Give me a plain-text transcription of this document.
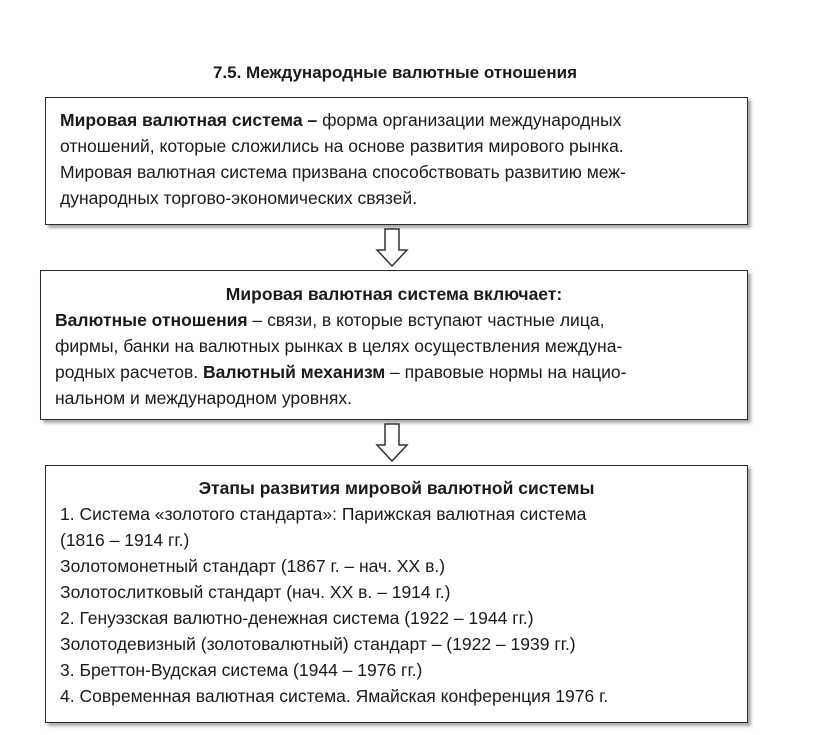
7.5. Международные валютные отношения
Мировая валютная система – форма организации международных
отношений, которые сложились на основе развития мирового рынка.
Мировая валютная система призвана способствовать развитию меж-
дународных торгово-экономических связей.
Мировая валютная система включает:
Валютные отношения – связи, в которые вступают частные лица,
фирмы, банки на валютных рынках в целях осуществления междуна-
родных расчетов. Валютный механизм – правовые нормы на нацио-
нальном и международном уровнях.
Этапы развития мировой валютной системы
1. Система «золотого стандарта»: Парижская валютная система
(1816 – 1914 гг.)
Золотомонетный стандарт (1867 г. – нач. XX в.)
Золотослитковый стандарт (нач. XX в. – 1914 г.)
2. Генуэзская валютно-денежная система (1922 – 1944 гг.)
Золотодевизный (золотовалютный) стандарт – (1922 – 1939 гг.)
3. Бреттон-Вудская система (1944 – 1976 гг.)
4. Современная валютная система. Ямайская конференция 1976 г.
